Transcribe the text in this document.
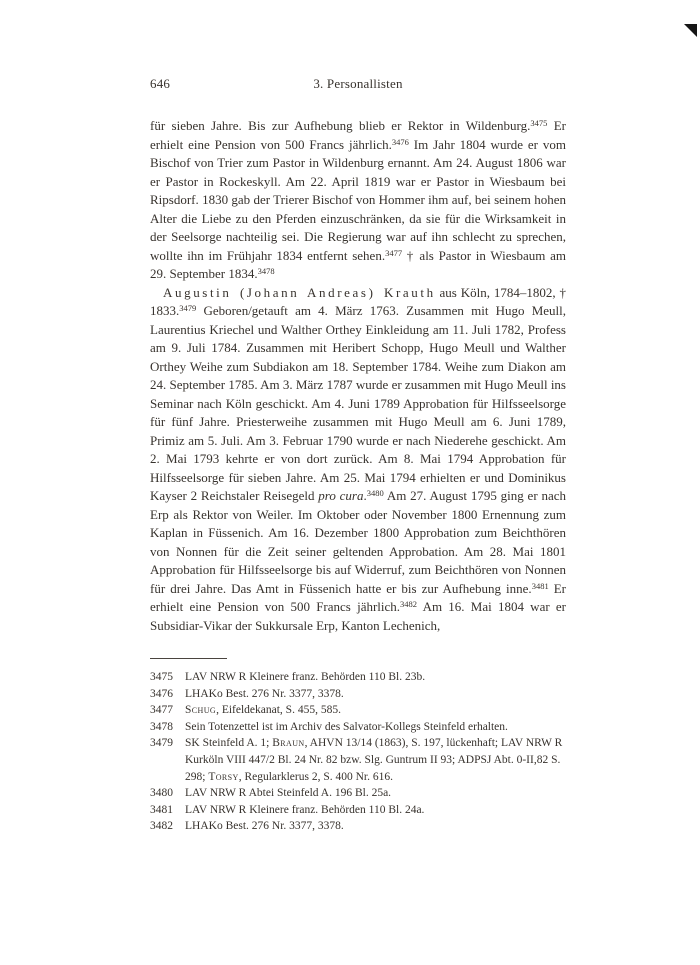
646	3. Personallisten

für sieben Jahre. Bis zur Aufhebung blieb er Rektor in Wildenburg.$^{3475}$ Er erhielt eine Pension von 500 Francs jährlich.$^{3476}$ Im Jahr 1804 wurde er vom Bischof von Trier zum Pastor in Wildenburg ernannt. Am 24. August 1806 war er Pastor in Rockeskyll. Am 22. April 1819 war er Pastor in Wiesbaum bei Ripsdorf. 1830 gab der Trierer Bischof von Hommer ihm auf, bei seinem hohen Alter die Liebe zu den Pferden einzuschränken, da sie für die Wirksamkeit in der Seelsorge nachteilig sei. Die Regierung war auf ihn schlecht zu sprechen, wollte ihn im Frühjahr 1834 entfernt sehen.$^{3477}$ † als Pastor in Wiesbaum am 29. September 1834.$^{3478}$

Augustin (Johann Andreas) Krauth aus Köln, 1784–1802, † 1833.$^{3479}$ Geboren/getauft am 4. März 1763. Zusammen mit Hugo Meull, Laurentius Kriechel und Walther Orthey Einkleidung am 11. Juli 1782, Profess am 9. Juli 1784. Zusammen mit Heribert Schopp, Hugo Meull und Walther Orthey Weihe zum Subdiakon am 18. September 1784. Weihe zum Diakon am 24. September 1785. Am 3. März 1787 wurde er zusammen mit Hugo Meull ins Seminar nach Köln geschickt. Am 4. Juni 1789 Approbation für Hilfsseelsorge für fünf Jahre. Priesterweihe zusammen mit Hugo Meull am 6. Juni 1789, Primiz am 5. Juli. Am 3. Februar 1790 wurde er nach Niederehe geschickt. Am 2. Mai 1793 kehrte er von dort zurück. Am 8. Mai 1794 Approbation für Hilfsseelsorge für sieben Jahre. Am 25. Mai 1794 erhielten er und Dominikus Kayser 2 Reichstaler Reisegeld pro cura.$^{3480}$ Am 27. August 1795 ging er nach Erp als Rektor von Weiler. Im Oktober oder November 1800 Ernennung zum Kaplan in Füssenich. Am 16. Dezember 1800 Approbation zum Beichthören von Nonnen für die Zeit seiner geltenden Approbation. Am 28. Mai 1801 Approbation für Hilfsseelsorge bis auf Widerruf, zum Beichthören von Nonnen für drei Jahre. Das Amt in Füssenich hatte er bis zur Aufhebung inne.$^{3481}$ Er erhielt eine Pension von 500 Francs jährlich.$^{3482}$ Am 16. Mai 1804 war er Subsidiar-Vikar der Sukkursale Erp, Kanton Lechenich,

3475 LAV NRW R Kleinere franz. Behörden 110 Bl. 23b.
3476 LHAKo Best. 276 Nr. 3377, 3378.
3477 Schug, Eifeldekanat, S. 455, 585.
3478 Sein Totenzettel ist im Archiv des Salvator-Kollegs Steinfeld erhalten.
3479 SK Steinfeld A. 1; Braun, AHVN 13/14 (1863), S. 197, lückenhaft; LAV NRW R Kurköln VIII 447/2 Bl. 24 Nr. 82 bzw. Slg. Guntrum II 93; ADPSJ Abt. 0-II,82 S. 298; Torsy, Regularklerus 2, S. 400 Nr. 616.
3480 LAV NRW R Abtei Steinfeld A. 196 Bl. 25a.
3481 LAV NRW R Kleinere franz. Behörden 110 Bl. 24a.
3482 LHAKo Best. 276 Nr. 3377, 3378.
